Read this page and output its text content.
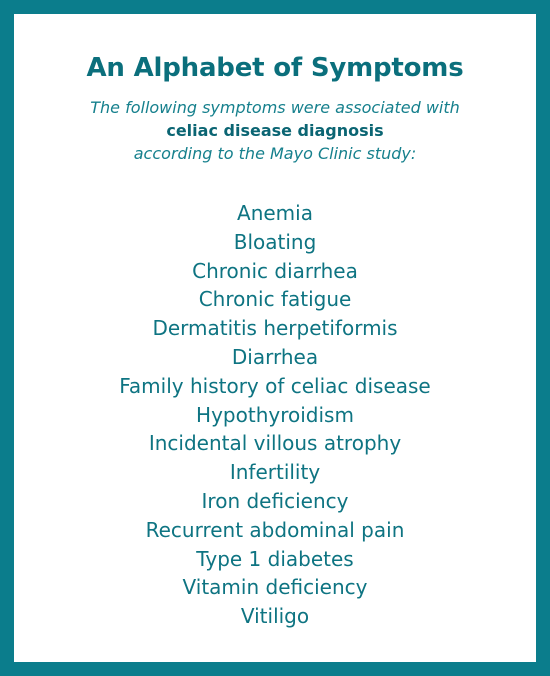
An Alphabet of Symptoms
The following symptoms were associated with
celiac disease diagnosis
according to the Mayo Clinic study:
Anemia
Bloating
Chronic diarrhea
Chronic fatigue
Dermatitis herpetiformis
Diarrhea
Family history of celiac disease
Hypothyroidism
Incidental villous atrophy
Infertility
Iron deficiency
Recurrent abdominal pain
Type 1 diabetes
Vitamin deficiency
Vitiligo
